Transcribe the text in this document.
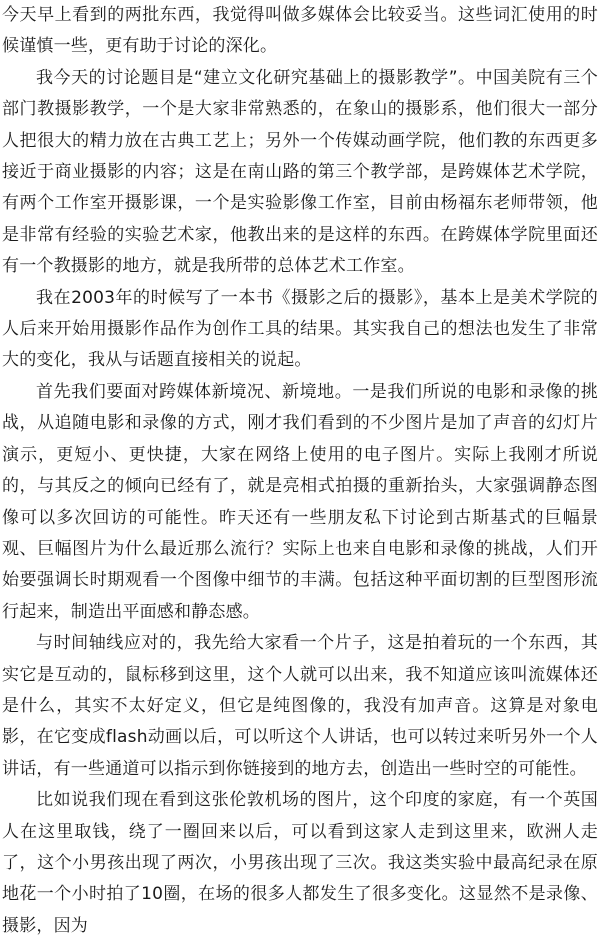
今天早上看到的两批东西，我觉得叫做多媒体会比较妥当。这些词汇使用的时候谨慎一些，更有助于讨论的深化。

我今天的讨论题目是“建立文化研究基础上的摄影教学”。中国美院有三个部门教摄影教学，一个是大家非常熟悉的，在象山的摄影系，他们很大一部分人把很大的精力放在古典工艺上；另外一个传媒动画学院，他们教的东西更多接近于商业摄影的内容；这是在南山路的第三个教学部，是跨媒体艺术学院，有两个工作室开摄影课，一个是实验影像工作室，目前由杨福东老师带领，他是非常有经验的实验艺术家，他教出来的是这样的东西。在跨媒体学院里面还有一个教摄影的地方，就是我所带的总体艺术工作室。

我在2003年的时候写了一本书《摄影之后的摄影》，基本上是美术学院的人后来开始用摄影作品作为创作工具的结果。其实我自己的想法也发生了非常大的变化，我从与话题直接相关的说起。

首先我们要面对跨媒体新境况、新境地。一是我们所说的电影和录像的挑战，从追随电影和录像的方式，刚才我们看到的不少图片是加了声音的幻灯片演示，更短小、更快捷，大家在网络上使用的电子图片。实际上我刚才所说的，与其反之的倾向已经有了，就是亮相式拍摄的重新抬头，大家强调静态图像可以多次回访的可能性。昨天还有一些朋友私下讨论到古斯基式的巨幅景观、巨幅图片为什么最近那么流行？实际上也来自电影和录像的挑战，人们开始要强调长时期观看一个图像中细节的丰满。包括这种平面切割的巨型图形流行起来，制造出平面感和静态感。

与时间轴线应对的，我先给大家看一个片子，这是拍着玩的一个东西，其实它是互动的，鼠标移到这里，这个人就可以出来，我不知道应该叫流媒体还是什么，其实不太好定义，但它是纯图像的，我没有加声音。这算是对象电影，在它变成flash动画以后，可以听这个人讲话，也可以转过来听另外一个人讲话，有一些通道可以指示到你链接到的地方去，创造出一些时空的可能性。

比如说我们现在看到这张伦敦机场的图片，这个印度的家庭，有一个英国人在这里取钱，绕了一圈回来以后，可以看到这家人走到这里来，欧洲人走了，这个小男孩出现了两次，小男孩出现了三次。我这类实验中最高纪录在原地花一个小时拍了10圈，在场的很多人都发生了很多变化。这显然不是录像、摄影，因为
